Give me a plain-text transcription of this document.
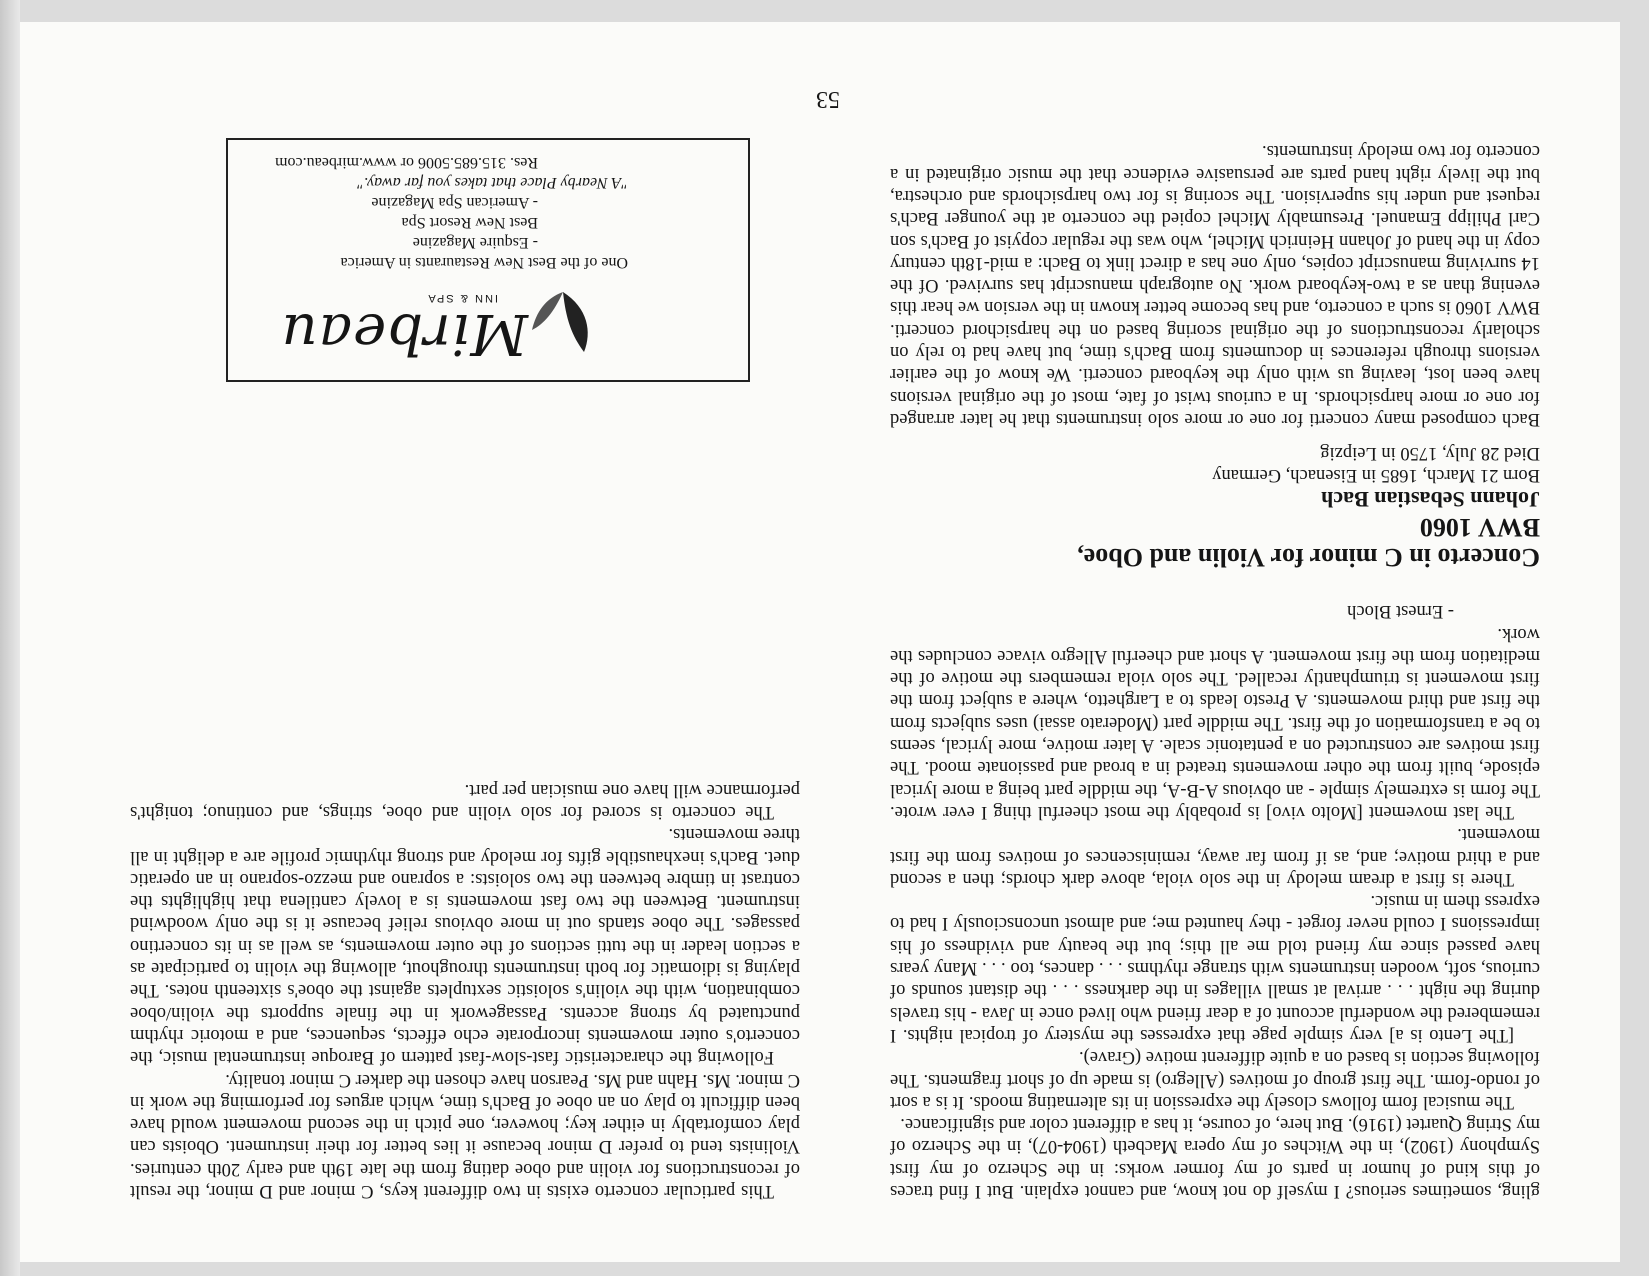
gling, sometimes serious? I myself do not know, and cannot explain. But I find traces of this kind of humor in parts of my former works: in the Scherzo of my first Symphony (1902), in the Witches of my opera Macbeth (1904-07), in the Scherzo of my String Quartet (1916). But here, of course, it has a different color and significance.

The musical form follows closely the expression in its alternating moods. It is a sort of rondo-form. The first group of motives (Allegro) is made up of short fragments. The following section is based on a quite different motive (Grave).

[The Lento is a] very simple page that expresses the mystery of tropical nights. I remembered the wonderful account of a dear friend who lived once in Java - his travels during the night . . . arrival at small villages in the darkness . . . the distant sounds of curious, soft, wooden instruments with strange rhythms . . . dances, too . . . Many years have passed since my friend told me all this; but the beauty and vividness of his impressions I could never forget - they haunted me; and almost unconsciously I had to express them in music.

There is first a dream melody in the solo viola, above dark chords; then a second and a third motive; and, as if from far away, reminiscences of motives from the first movement.

The last movement [Molto vivo] is probably the most cheerful thing I ever wrote. The form is extremely simple - an obvious A-B-A, the middle part being a more lyrical episode, built from the other movements treated in a broad and passionate mood. The first motives are constructed on a pentatonic scale. A later motive, more lyrical, seems to be a transformation of the first. The middle part (Moderato assai) uses subjects from the first and third movements. A Presto leads to a Larghetto, where a subject from the first movement is triumphantly recalled. The solo viola remembers the motive of the meditation from the first movement. A short and cheerful Allegro vivace concludes the work.

- Ernest Bloch

Concerto in C minor for Violin and Oboe,
BWV 1060
Johann Sebastian Bach
Born 21 March, 1685 in Eisenach, Germany
Died 28 July, 1750 in Leipzig

Bach composed many concerti for one or more solo instruments that he later arranged for one or more harpsichords. In a curious twist of fate, most of the original versions have been lost, leaving us with only the keyboard concerti. We know of the earlier versions through references in documents from Bach's time, but have had to rely on scholarly reconstructions of the original scoring based on the harpsichord concerti. BWV 1060 is such a concerto, and has become better known in the version we hear this evening than as a two-keyboard work. No autograph manuscript has survived. Of the 14 surviving manuscript copies, only one has a direct link to Bach: a mid-18th century copy in the hand of Johann Heinrich Michel, who was the regular copyist of Bach's son Carl Philipp Emanuel. Presumably Michel copied the concerto at the younger Bach's request and under his supervision. The scoring is for two harpsichords and orchestra, but the lively right hand parts are persuasive evidence that the music originated in a concerto for two melody instruments.

This particular concerto exists in two different keys, C minor and D minor, the result of reconstructions for violin and oboe dating from the late 19th and early 20th centuries. Violinists tend to prefer D minor because it lies better for their instrument. Oboists can play comfortably in either key; however, one pitch in the second movement would have been difficult to play on an oboe of Bach's time, which argues for performing the work in C minor. Ms. Hahn and Ms. Pearson have chosen the darker C minor tonality.

Following the characteristic fast-slow-fast pattern of Baroque instrumental music, the concerto's outer movements incorporate echo effects, sequences, and a motoric rhythm punctuated by strong accents. Passagework in the finale supports the violin/oboe combination, with the violin's soloistic sextuplets against the oboe's sixteenth notes. The playing is idiomatic for both instruments throughout, allowing the violin to participate as a section leader in the tutti sections of the outer movements, as well as in its concertino passages. The oboe stands out in more obvious relief because it is the only woodwind instrument. Between the two fast movements is a lovely cantilena that highlights the contrast in timbre between the two soloists: a soprano and mezzo-soprano in an operatic duet. Bach's inexhaustible gifts for melody and strong rhythmic profile are a delight in all three movements.

The concerto is scored for solo violin and oboe, strings, and continuo; tonight's performance will have one musician per part.

Mirbeau
INN & SPA
One of the Best New Restaurants in America
- Esquire Magazine
Best New Resort Spa
- American Spa Magazine
"A Nearby Place that takes you far away."
Res. 315.685.5006 or www.mirbeau.com
53
